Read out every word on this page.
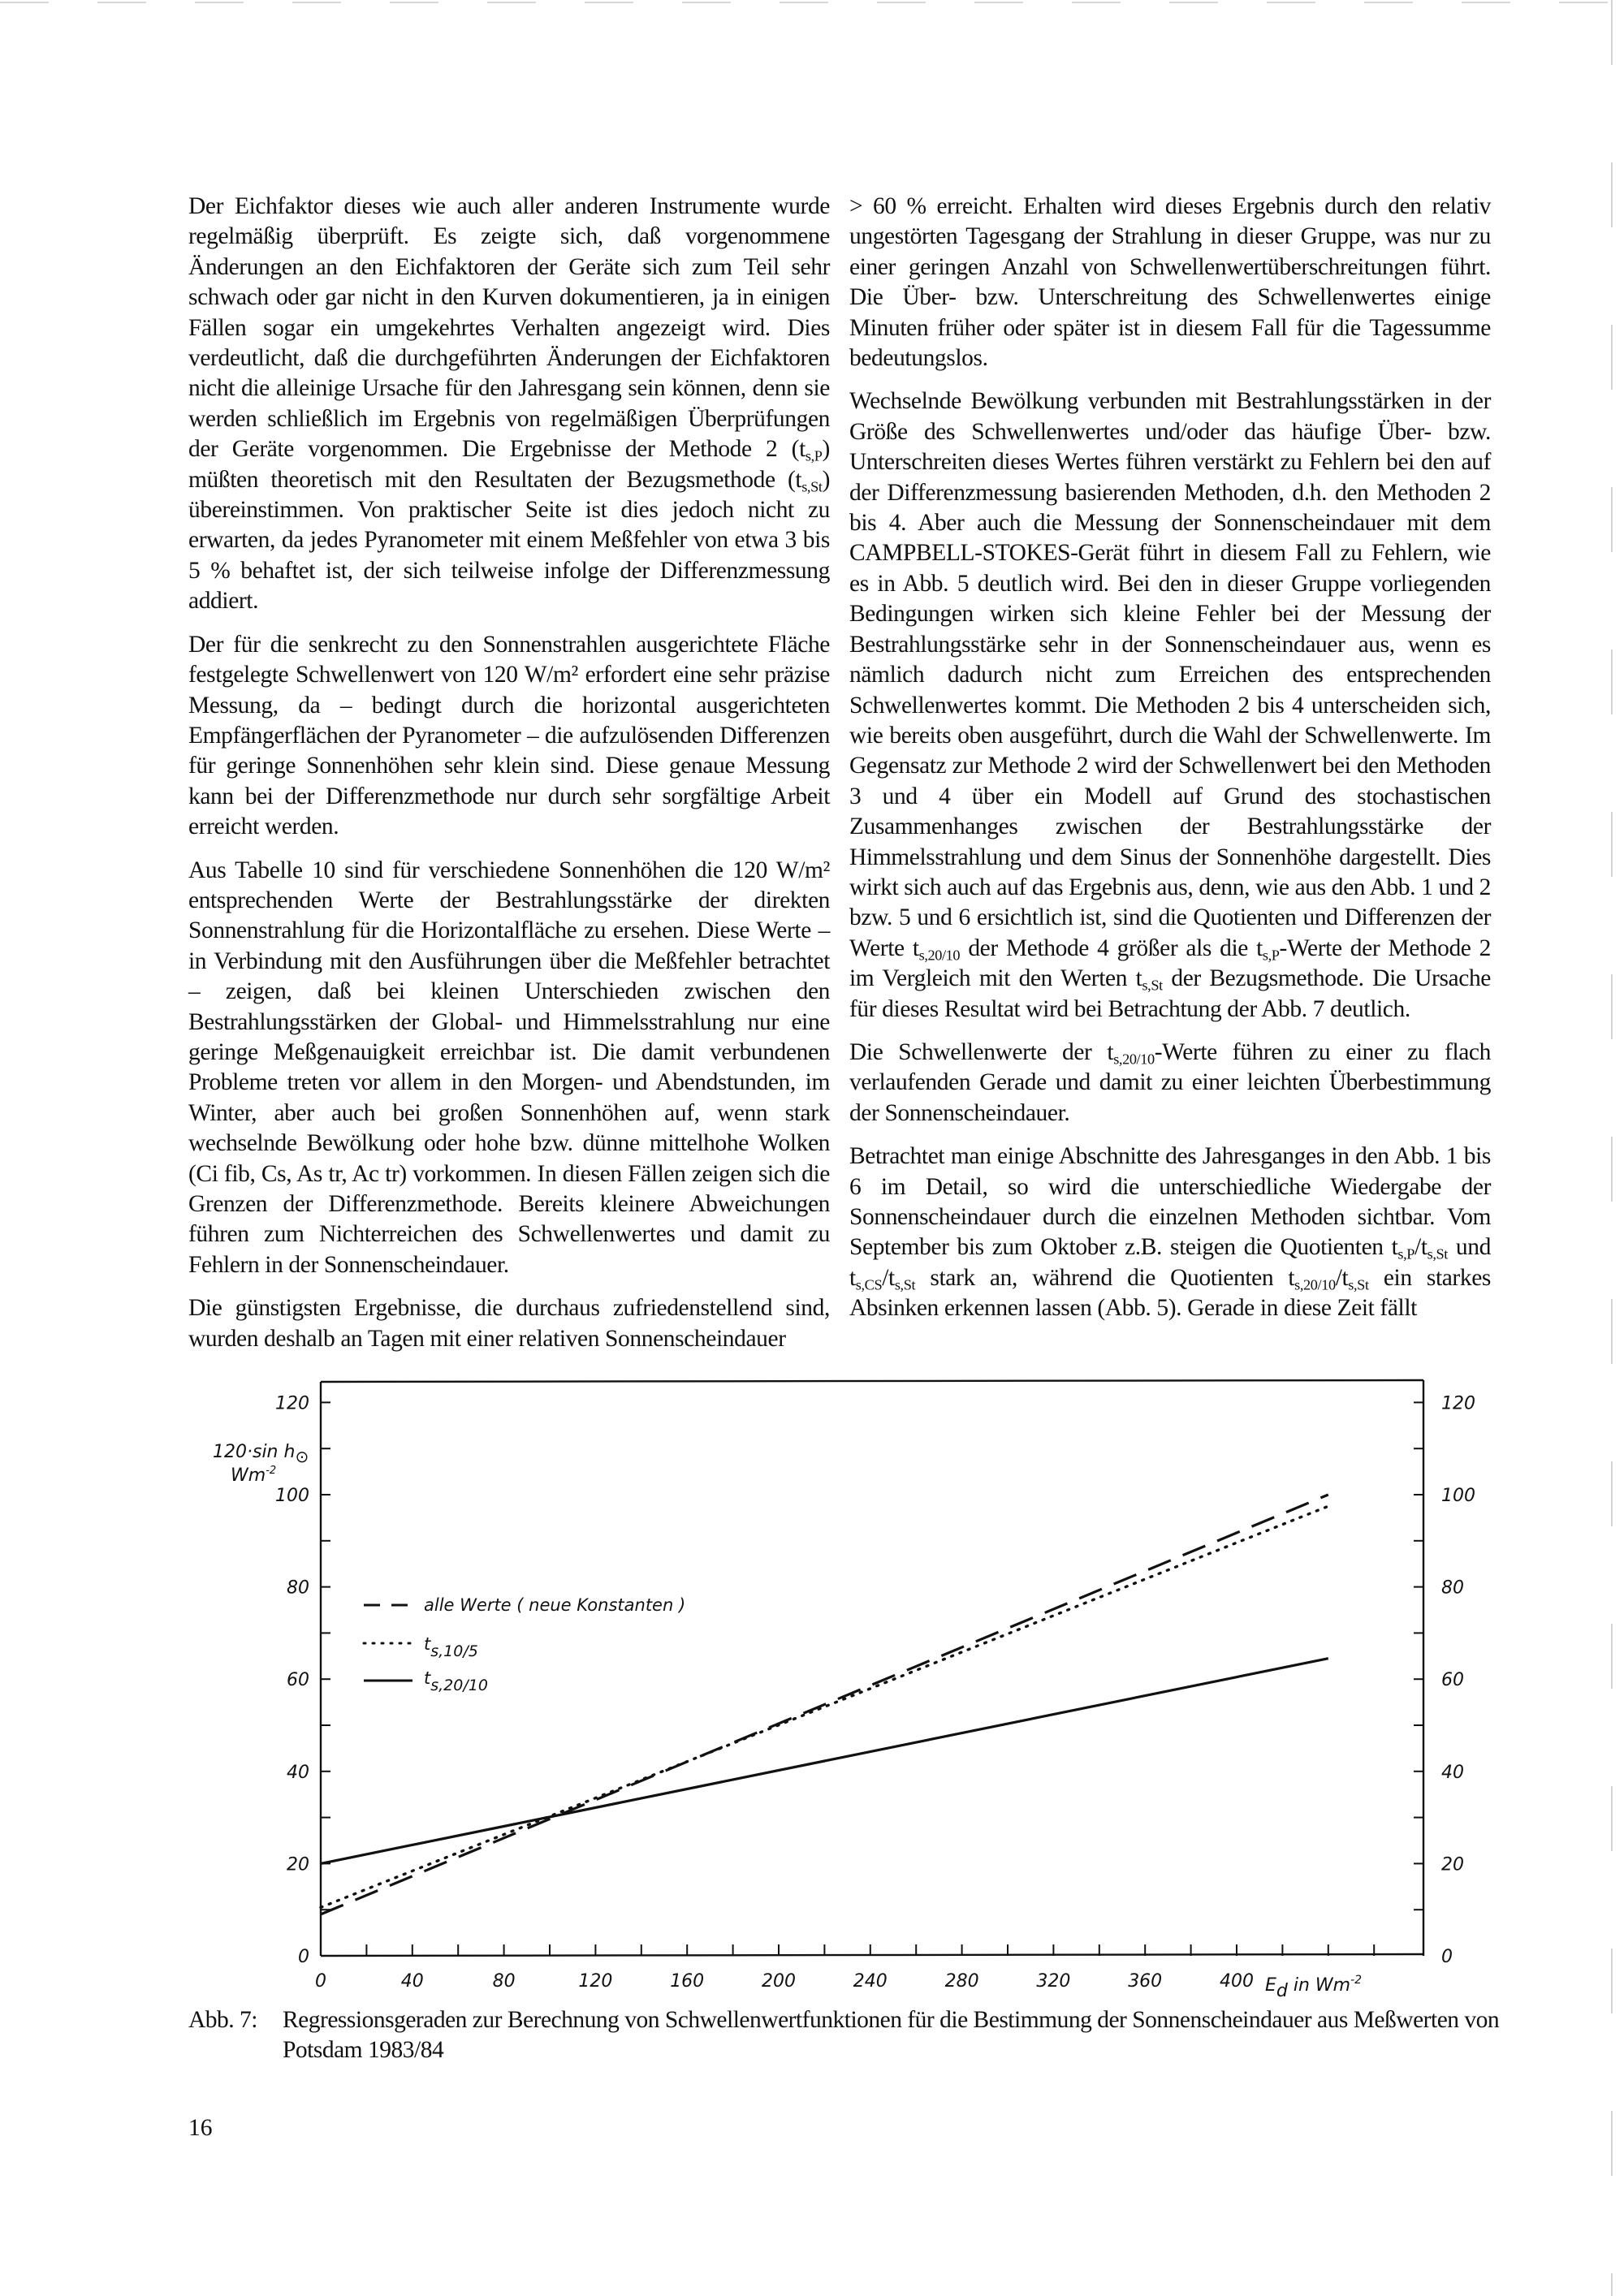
Der Eichfaktor dieses wie auch aller anderen Instrumente wurde regelmäßig überprüft. Es zeigte sich, daß vorgenommene Änderungen an den Eichfaktoren der Geräte sich zum Teil sehr schwach oder gar nicht in den Kurven dokumentieren, ja in einigen Fällen sogar ein umgekehrtes Verhalten angezeigt wird. Dies verdeutlicht, daß die durchgeführten Änderungen der Eichfaktoren nicht die alleinige Ursache für den Jahresgang sein können, denn sie werden schließlich im Ergebnis von regelmäßigen Überprüfungen der Geräte vorgenommen. Die Ergebnisse der Methode 2 $(t_{s,P})$ müßten theoretisch mit den Resultaten der Bezugsmethode $(t_{s,St})$ übereinstimmen. Von praktischer Seite ist dies jedoch nicht zu erwarten, da jedes Pyranometer mit einem Meßfehler von etwa 3 bis 5 % behaftet ist, der sich teilweise infolge der Differenzmessung addiert.

Der für die senkrecht zu den Sonnenstrahlen ausgerichtete Fläche festgelegte Schwellenwert von 120 W/m² erfordert eine sehr präzise Messung, da – bedingt durch die horizontal ausgerichteten Empfängerflächen der Pyranometer – die aufzulösenden Differenzen für geringe Sonnenhöhen sehr klein sind. Diese genaue Messung kann bei der Differenzmethode nur durch sehr sorgfältige Arbeit erreicht werden.

Aus Tabelle 10 sind für verschiedene Sonnenhöhen die 120 W/m² entsprechenden Werte der Bestrahlungsstärke der direkten Sonnenstrahlung für die Horizontalfläche zu ersehen. Diese Werte – in Verbindung mit den Ausführungen über die Meßfehler betrachtet – zeigen, daß bei kleinen Unterschieden zwischen den Bestrahlungsstärken der Global- und Himmelsstrahlung nur eine geringe Meßgenauigkeit erreichbar ist. Die damit verbundenen Probleme treten vor allem in den Morgen- und Abendstunden, im Winter, aber auch bei großen Sonnenhöhen auf, wenn stark wechselnde Bewölkung oder hohe bzw. dünne mittelhohe Wolken (Ci fib, Cs, As tr, Ac tr) vorkommen. In diesen Fällen zeigen sich die Grenzen der Differenzmethode. Bereits kleinere Abweichungen führen zum Nichterreichen des Schwellenwertes und damit zu Fehlern in der Sonnenscheindauer.

Die günstigsten Ergebnisse, die durchaus zufriedenstellend sind, wurden deshalb an Tagen mit einer relativen Sonnenscheindauer

> 60 % erreicht. Erhalten wird dieses Ergebnis durch den relativ ungestörten Tagesgang der Strahlung in dieser Gruppe, was nur zu einer geringen Anzahl von Schwellenwertüberschreitungen führt. Die Über- bzw. Unterschreitung des Schwellenwertes einige Minuten früher oder später ist in diesem Fall für die Tagessumme bedeutungslos.

Wechselnde Bewölkung verbunden mit Bestrahlungsstärken in der Größe des Schwellenwertes und/oder das häufige Über- bzw. Unterschreiten dieses Wertes führen verstärkt zu Fehlern bei den auf der Differenzmessung basierenden Methoden, d.h. den Methoden 2 bis 4. Aber auch die Messung der Sonnenscheindauer mit dem CAMPBELL-STOKES-Gerät führt in diesem Fall zu Fehlern, wie es in Abb. 5 deutlich wird. Bei den in dieser Gruppe vorliegenden Bedingungen wirken sich kleine Fehler bei der Messung der Bestrahlungsstärke sehr in der Sonnenscheindauer aus, wenn es nämlich dadurch nicht zum Erreichen des entsprechenden Schwellenwertes kommt. Die Methoden 2 bis 4 unterscheiden sich, wie bereits oben ausgeführt, durch die Wahl der Schwellenwerte. Im Gegensatz zur Methode 2 wird der Schwellenwert bei den Methoden 3 und 4 über ein Modell auf Grund des stochastischen Zusammenhanges zwischen der Bestrahlungsstärke der Himmelsstrahlung und dem Sinus der Sonnenhöhe dargestellt. Dies wirkt sich auch auf das Ergebnis aus, denn, wie aus den Abb. 1 und 2 bzw. 5 und 6 ersichtlich ist, sind die Quotienten und Differenzen der Werte $t_{s,20/10}$ der Methode 4 größer als die $t_{s,P}$-Werte der Methode 2 im Vergleich mit den Werten $t_{s,St}$ der Bezugsmethode. Die Ursache für dieses Resultat wird bei Betrachtung der Abb. 7 deutlich.

Die Schwellenwerte der $t_{s,20/10}$-Werte führen zu einer zu flach verlaufenden Gerade und damit zu einer leichten Überbestimmung der Sonnenscheindauer.

Betrachtet man einige Abschnitte des Jahresganges in den Abb. 1 bis 6 im Detail, so wird die unterschiedliche Wiedergabe der Sonnenscheindauer durch die einzelnen Methoden sichtbar. Vom September bis zum Oktober z.B. steigen die Quotienten $t_{s,P}/t_{s,St}$ und $t_{s,CS}/t_{s,St}$ stark an, während die Quotienten $t_{s,20/10}/t_{s,St}$ ein starkes Absinken erkennen lassen (Abb. 5). Gerade in diese Zeit fällt

0
20
40
60
80
100
120
0
20
40
60
80
100
120
0	40	80	120	160	200	240	280	320	360	400
120·sin h⊙
$Wm^{-2}$
alle Werte ( neue Konstanten )
ts,10/5
ts,20/10
Ed in $Wm^{-2}$
Abb. 7: Regressionsgeraden zur Berechnung von Schwellenwertfunktionen für die Bestimmung der Sonnenscheindauer aus Meßwerten von Potsdam 1983/84
16
